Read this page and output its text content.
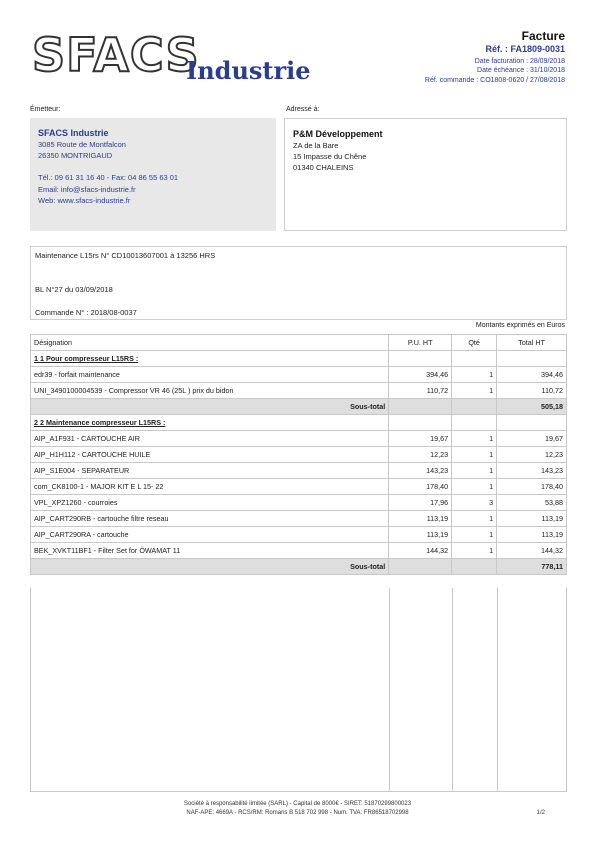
SFACS
Industrie
Facture
Réf. : FA1809-0031
Date facturation : 28/09/2018
Date échéance : 31/10/2018
Réf. commande : CO1808-0620 / 27/08/2018
Émetteur:	Adressé à:
SFACS Industrie
3085 Route de Montfalcon
26350 MONTRIGAUD
Tél.: 09 61 31 16 40 - Fax: 04 86 55 63 01
Email: info@sfacs-industrie.fr
Web: www.sfacs-industrie.fr
P&M Développement
ZA de la Bare
15 Impasse du Chêne
01340 CHALEINS
Maintenance L15rs N° CD10013607001 à 13256 HRS
BL N°27 du 03/09/2018
Commande N° : 2018/08-0037
Montants exprimés en Euros
Désignation	P.U. HT	Qté	Total HT
1 1 Pour compresseur L15RS :			
edr39 - forfait maintenance	394,46	1	394,46
UNI_3490100004539 - Compressor VR 46 (25L ) prix du bidon	110,72	1	110,72
Sous-total			505,18
2 2 Maintenance compresseur L15RS :			
AIP_A1F931 - CARTOUCHE AIR	19,67	1	19,67
AIP_H1H112 - CARTOUCHE HUILE	12,23	1	12,23
AIP_S1E004 - SEPARATEUR	143,23	1	143,23
com_CK8100-1 - MAJOR KIT E L 15- 22	178,40	1	178,40
VPL_XPZ1260 - courroies	17,96	3	53,88
AIP_CART290RB - cartouche filtre reseau	113,19	1	113,19
AIP_CART290RA - cartouche	113,19	1	113,19
BEK_XVKT11BF1 - Filter Set for ÖWAMAT 11	144,32	1	144,32
Sous-total			778,11
Société à responsabilité limitée (SARL) - Capital de 8000€ - SIRET: 51870299800023
NAF-APE: 4669A - RCS/RM: Romans B 518 702 998 - Num. TVA: FR86518702998	1/2
